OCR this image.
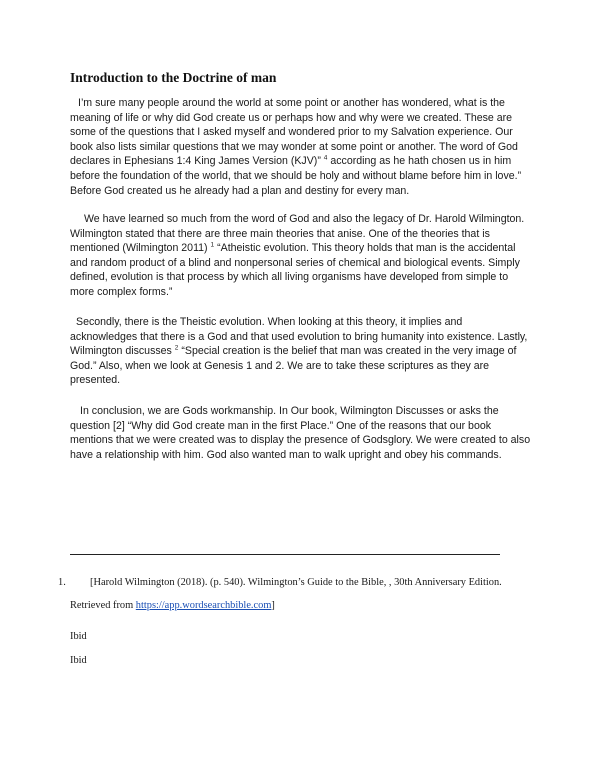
Introduction to the Doctrine of man

I’m sure many people around the world at some point or another has wondered, what is the meaning of life or why did God create us or perhaps how and why were we created. These are some of the questions that I asked myself and wondered prior to my Salvation experience. Our book also lists similar questions that we may wonder at some point or another. The word of God declares in Ephesians 1:4 King James Version (KJV)” $^4$ according as he hath chosen us in him before the foundation of the world, that we should be holy and without blame before him in love.” Before God created us he already had a plan and destiny for every man.

We have learned so much from the word of God and also the legacy of Dr. Harold Wilmington. Wilmington stated that there are three main theories that anise. One of the theories that is mentioned (Wilmington 2011) $^1$ “Atheistic evolution. This theory holds that man is the accidental and random product of a blind and nonpersonal series of chemical and biological events. Simply defined, evolution is that process by which all living organisms have developed from simple to more complex forms.”

Secondly, there is the Theistic evolution. When looking at this theory, it implies and acknowledges that there is a God and that used evolution to bring humanity into existence. Lastly, Wilmington discusses $^2$ “Special creation is the belief that man was created in the very image of God.” Also, when we look at Genesis 1 and 2. We are to take these scriptures as they are presented.

In conclusion, we are Gods workmanship. In Our book, Wilmington Discusses or asks the question [2] “Why did God create man in the first Place.” One of the reasons that our book mentions that we were created was to display the presence of Godsglory. We were created to also have a relationship with him. God also wanted man to walk upright and obey his commands.

1. [Harold Wilmington (2018). (p. 540). Wilmington’s Guide to the Bible, , 30th Anniversary Edition.

Retrieved from https://app.wordsearchbible.com]

Ibid

Ibid
